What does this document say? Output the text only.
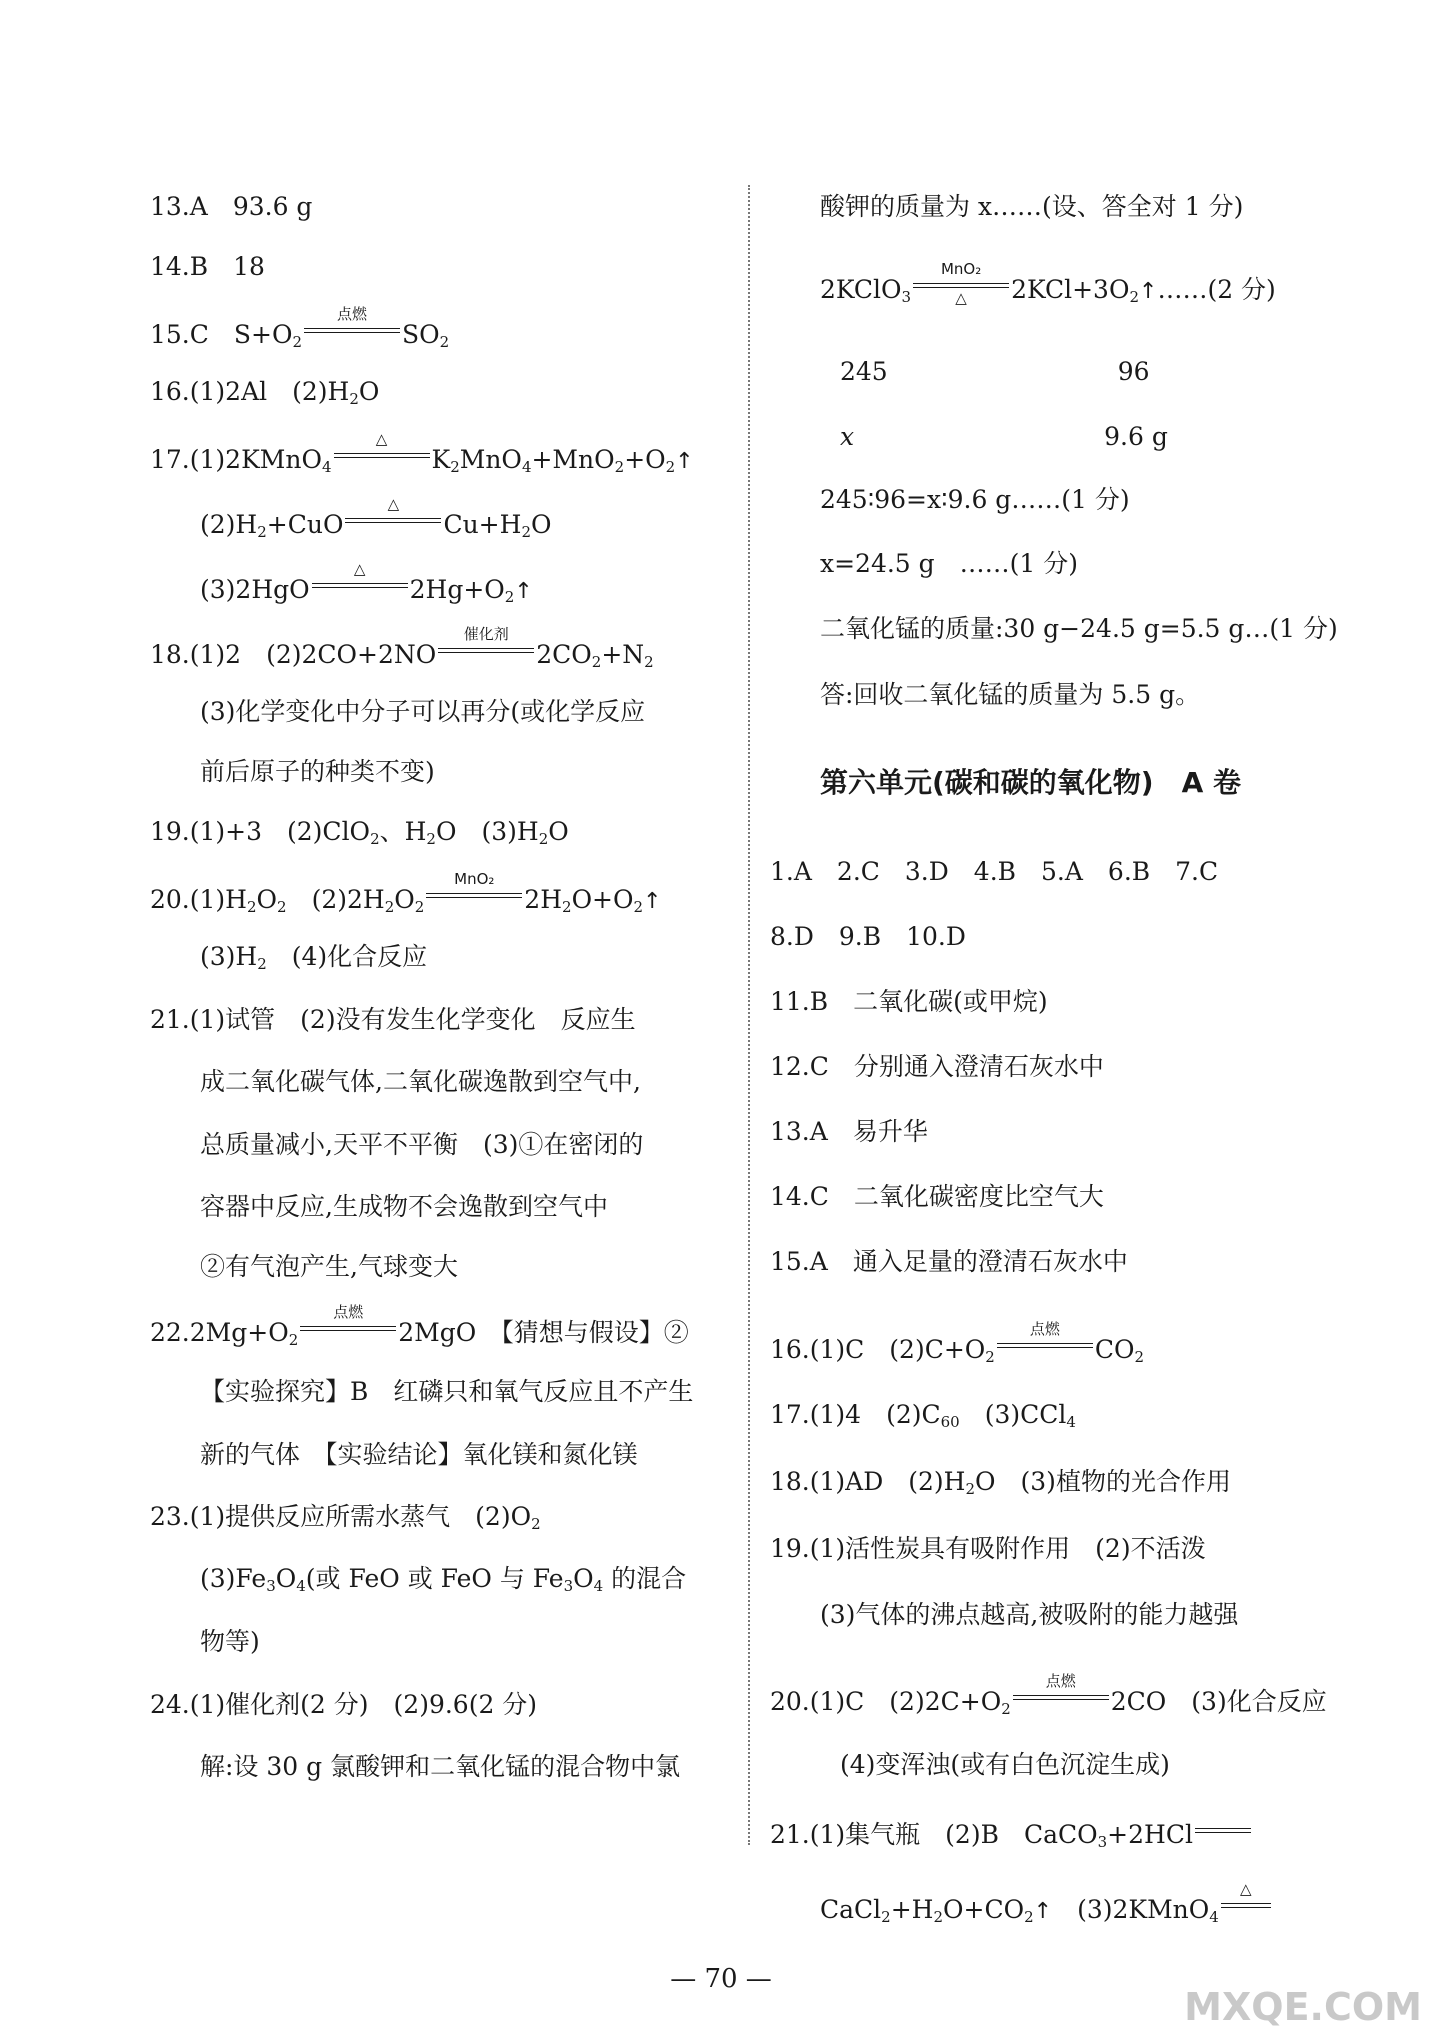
13.A　93.6 g
14.B　18
15.C　$S+O_2$
点燃
$SO_2$
16.(1)2Al　$(2)H_2O$
17.(1)2KMnO$_4$
△
$K_2MnO_4+MnO_2+O_2↑$
$(2)H_2+CuO$
△
$Cu+H_2O$
(3)2HgO
△
$2Hg+O_2↑$
18.(1)2　(2)2CO+2NO
催化剂
$2CO_2+N_2$
(3)化学变化中分子可以再分(或化学反应
前后原子的种类不变)
19.(1)+3　(2)ClO$_2$、$H_2O$　$(3)H_2O$
$20.(1)H_2O_2$　$(2)2H_2O_2$
MnO₂
$2H_2O+O_2↑$
$(3)H_2$　(4)化合反应
21.(1)试管　(2)没有发生化学变化　反应生
成二氧化碳气体,二氧化碳逸散到空气中,
总质量减小,天平不平衡　(3)①在密闭的
容器中反应,生成物不会逸散到空气中
②有气泡产生,气球变大
$22.2Mg+O_2$
点燃
2MgO　【猜想与假设】②
【实验探究】B　红磷只和氧气反应且不产生
新的气体　【实验结论】氧化镁和氮化镁
23.(1)提供反应所需水蒸气　$(2)O_2$
$(3)Fe_3O_4$(或 FeO 或 FeO 与 $Fe_3O_4$ 的混合
物等)
24.(1)催化剂(2 分)　(2)9.6(2 分)
解:设 30 g 氯酸钾和二氧化锰的混合物中氯
酸钾的质量为 x……(设、答全对 1 分)
2KClO$_3$
MnO₂
△	$2KCl+3O_2↑\dots\dots(2$ 分)
245	96
x	9.6 g
245∶96=x∶9.6 g……(1 分)
x=24.5 g　……(1 分)
二氧化锰的质量:30 g−24.5 g=5.5 g…(1 分)
答:回收二氧化锰的质量为 5.5 g。
第六单元(碳和碳的氧化物)　A 卷
1.A　2.C　3.D　4.B　5.A　6.B　7.C
8.D　9.B　10.D
11.B　二氧化碳(或甲烷)
12.C　分别通入澄清石灰水中
13.A　易升华
14.C　二氧化碳密度比空气大
15.A　通入足量的澄清石灰水中
16.(1)C　$(2)C+O_2$
点燃
$CO_2$
17.(1)4　$(2)C_{60}$　(3)CCl$_4$
18.(1)AD　$(2)H_2O$　(3)植物的光合作用
19.(1)活性炭具有吸附作用　(2)不活泼
(3)气体的沸点越高,被吸附的能力越强
20.(1)C　$(2)2C+O_2$
点燃
2CO　(3)化合反应
(4)变浑浊(或有白色沉淀生成)
21.(1)集气瓶　(2)B　CaCO$_3$+2HCl
$CaCl_2+H_2O+CO_2↑$　(3)2KMnO$_4$
△
— 70 —
MXQE.COM
